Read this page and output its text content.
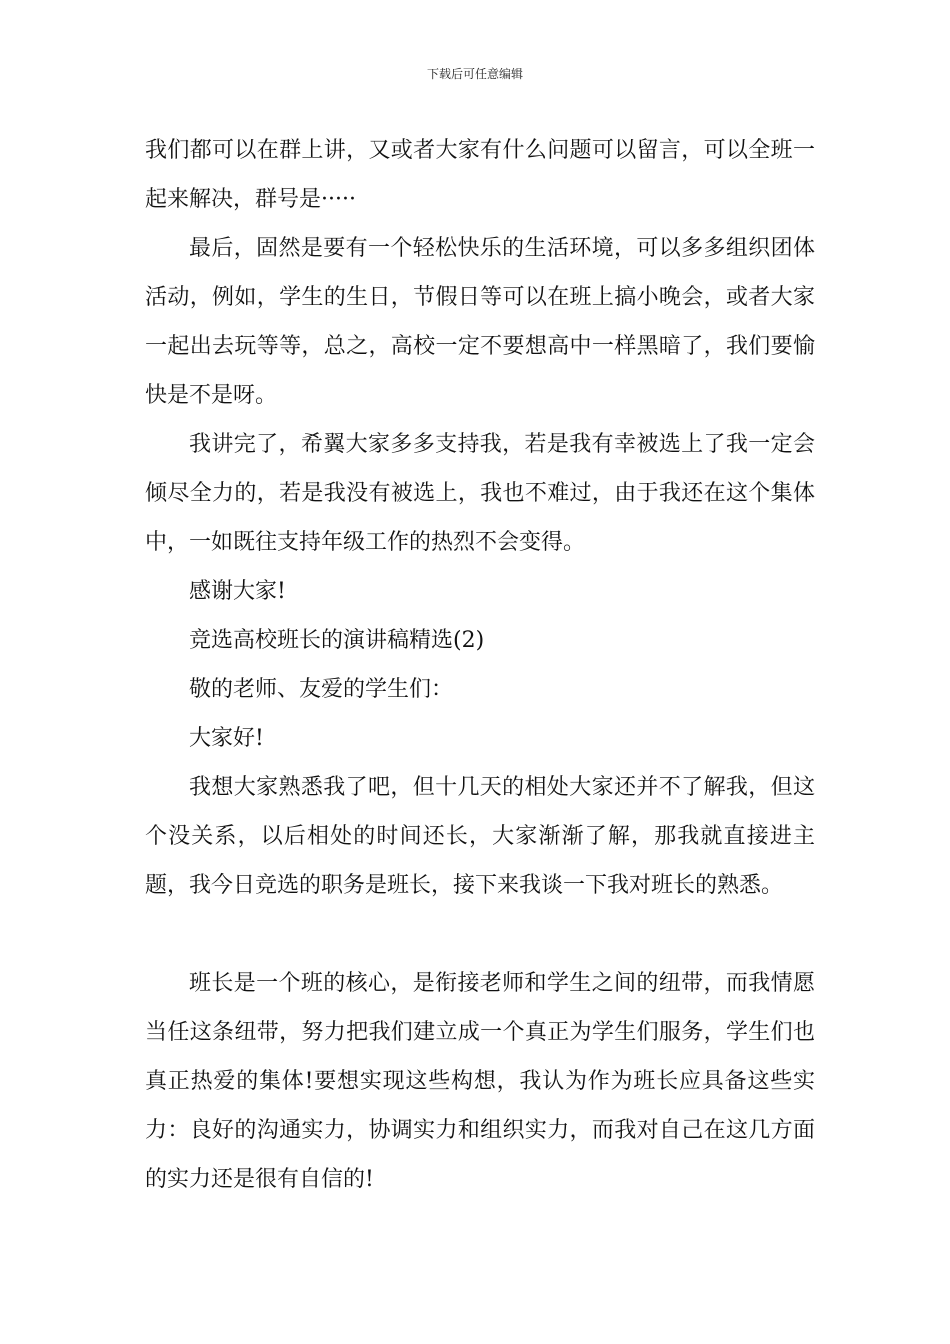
下载后可任意编辑

我们都可以在群上讲，又或者大家有什么问题可以留言，可以全班一起来解决，群号是·····

最后，固然是要有一个轻松快乐的生活环境，可以多多组织团体活动，例如，学生的生日，节假日等可以在班上搞小晚会，或者大家一起出去玩等等，总之，高校一定不要想高中一样黑暗了，我们要愉快是不是呀。

我讲完了，希翼大家多多支持我，若是我有幸被选上了我一定会倾尽全力的，若是我没有被选上，我也不难过，由于我还在这个集体中，一如既往支持年级工作的热烈不会变得。

感谢大家!

竞选高校班长的演讲稿精选(2)

敬的老师、友爱的学生们：

大家好!

我想大家熟悉我了吧，但十几天的相处大家还并不了解我，但这个没关系，以后相处的时间还长，大家渐渐了解，那我就直接进主题，我今日竞选的职务是班长，接下来我谈一下我对班长的熟悉。

班长是一个班的核心，是衔接老师和学生之间的纽带，而我情愿当任这条纽带，努力把我们建立成一个真正为学生们服务，学生们也真正热爱的集体!要想实现这些构想，我认为作为班长应具备这些实力：良好的沟通实力，协调实力和组织实力，而我对自己在这几方面的实力还是很有自信的!
